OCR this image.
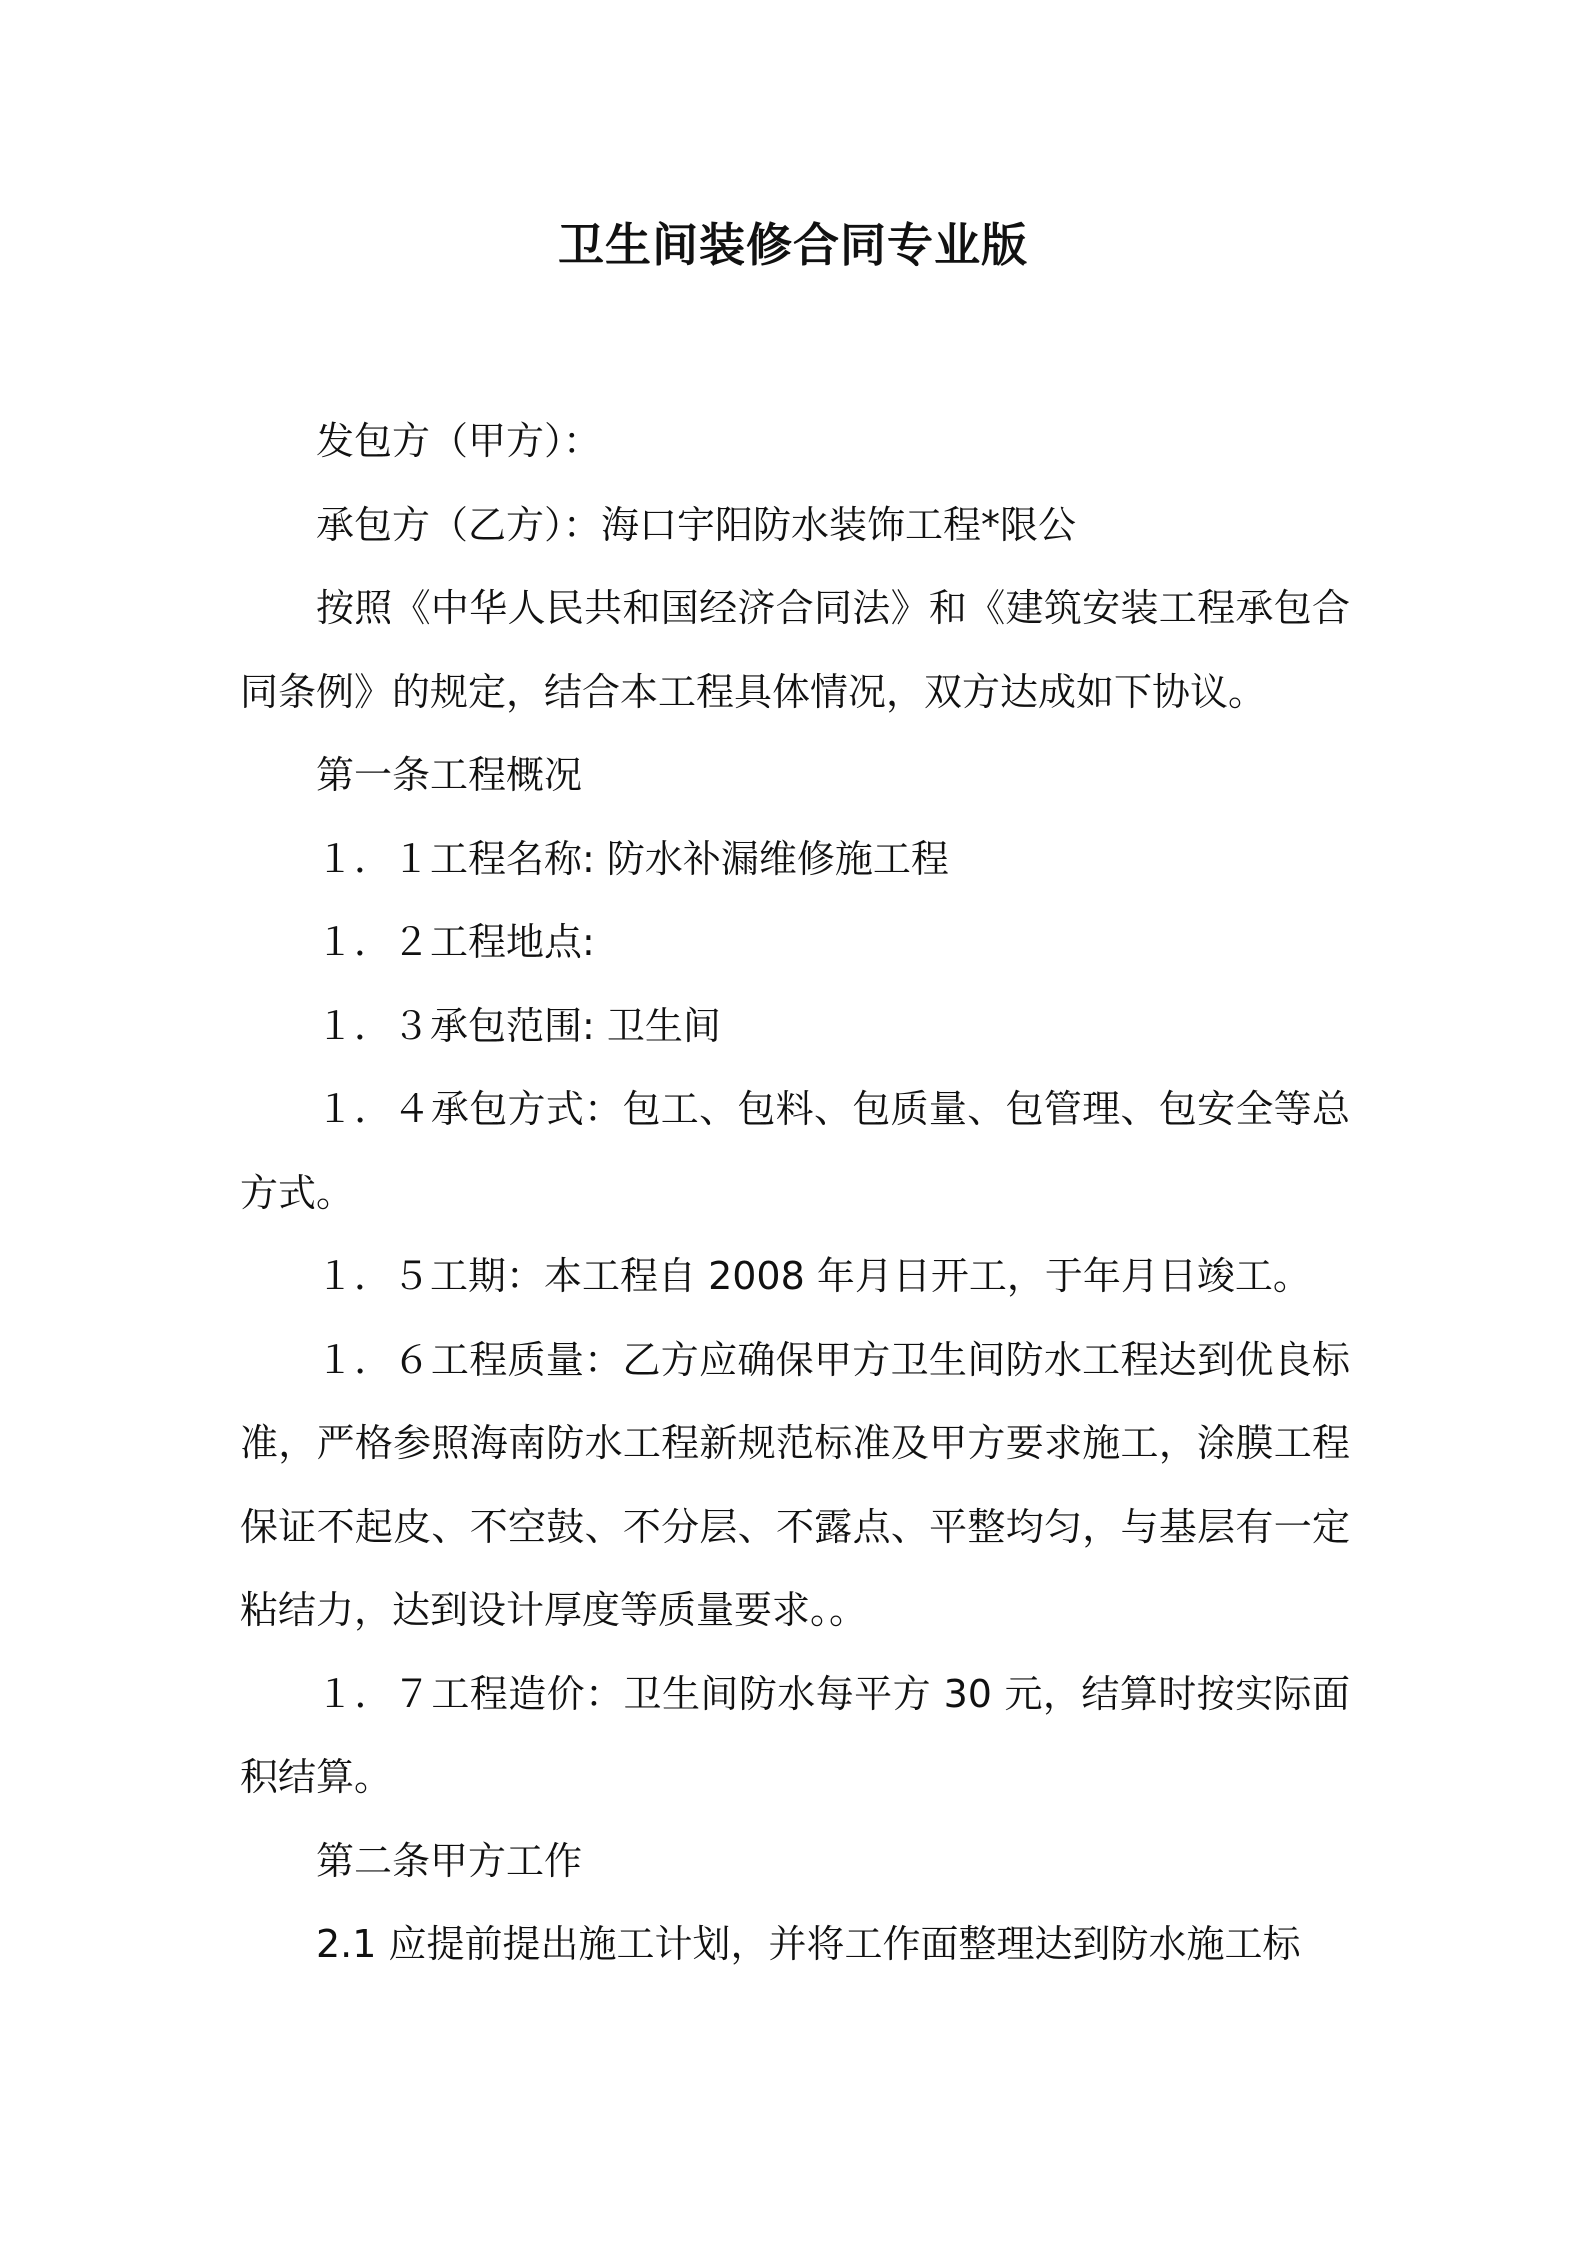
卫生间装修合同专业版

发包方（甲方）：

承包方（乙方）：海口宇阳防水装饰工程*限公

按照《中华人民共和国经济合同法》和《建筑安装工程承包合同条例》的规定，结合本工程具体情况，双方达成如下协议。

第一条工程概况

１．１工程名称: 防水补漏维修施工程

１．２工程地点:

１．３承包范围: 卫生间

１．４承包方式：包工、包料、包质量、包管理、包安全等总方式。

１．５工期：本工程自 2008 年月日开工，于年月日竣工。

１．６工程质量：乙方应确保甲方卫生间防水工程达到优良标准，严格参照海南防水工程新规范标准及甲方要求施工，涂膜工程保证不起皮、不空鼓、不分层、不露点、平整均匀，与基层有一定粘结力，达到设计厚度等质量要求。。

１．７工程造价：卫生间防水每平方 30 元，结算时按实际面积结算。

第二条甲方工作

2.1 应提前提出施工计划，并将工作面整理达到防水施工标
